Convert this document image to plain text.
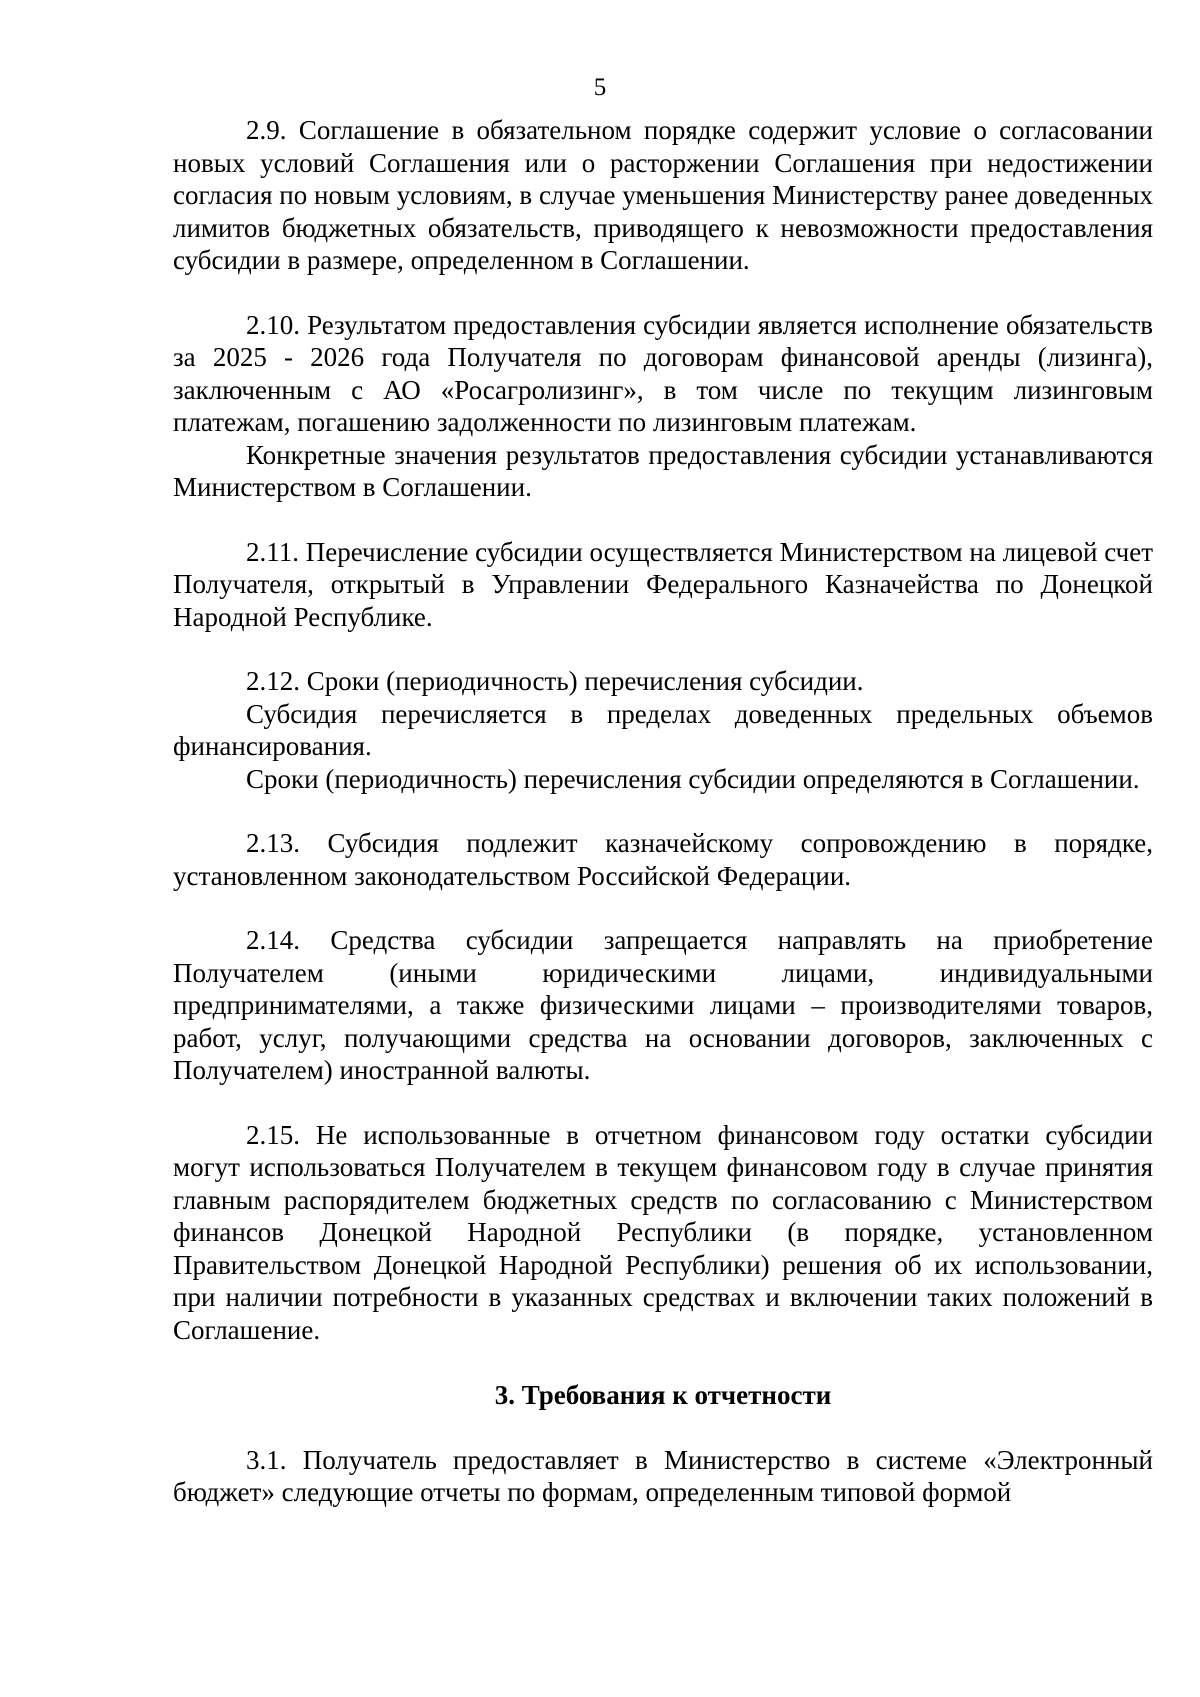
5

2.9. Соглашение в обязательном порядке содержит условие о согласовании новых условий Соглашения или о расторжении Соглашения при недостижении согласия по новым условиям, в случае уменьшения Министерству ранее доведенных лимитов бюджетных обязательств, приводящего к невозможности предоставления субсидии в размере, определенном в Соглашении.

2.10. Результатом предоставления субсидии является исполнение обязательств за 2025 - 2026 года Получателя по договорам финансовой аренды (лизинга), заключенным с АО «Росагролизинг», в том числе по текущим лизинговым платежам, погашению задолженности по лизинговым платежам.

Конкретные значения результатов предоставления субсидии устанавливаются Министерством в Соглашении.

2.11. Перечисление субсидии осуществляется Министерством на лицевой счет Получателя, открытый в Управлении Федерального Казначейства по Донецкой Народной Республике.

2.12. Сроки (периодичность) перечисления субсидии.

Субсидия перечисляется в пределах доведенных предельных объемов финансирования.

Сроки (периодичность) перечисления субсидии определяются в Соглашении.

2.13. Субсидия подлежит казначейскому сопровождению в порядке, установленном законодательством Российской Федерации.

2.14. Средства субсидии запрещается направлять на приобретение Получателем (иными юридическими лицами, индивидуальными предпринимателями, а также физическими лицами – производителями товаров, работ, услуг, получающими средства на основании договоров, заключенных с Получателем) иностранной валюты.

2.15. Не использованные в отчетном финансовом году остатки субсидии могут использоваться Получателем в текущем финансовом году в случае принятия главным распорядителем бюджетных средств по согласованию с Министерством финансов Донецкой Народной Республики (в порядке, установленном Правительством Донецкой Народной Республики) решения об их использовании, при наличии потребности в указанных средствах и включении таких положений в Соглашение.

3. Требования к отчетности

3.1. Получатель предоставляет в Министерство в системе «Электронный бюджет» следующие отчеты по формам, определенным типовой формой
